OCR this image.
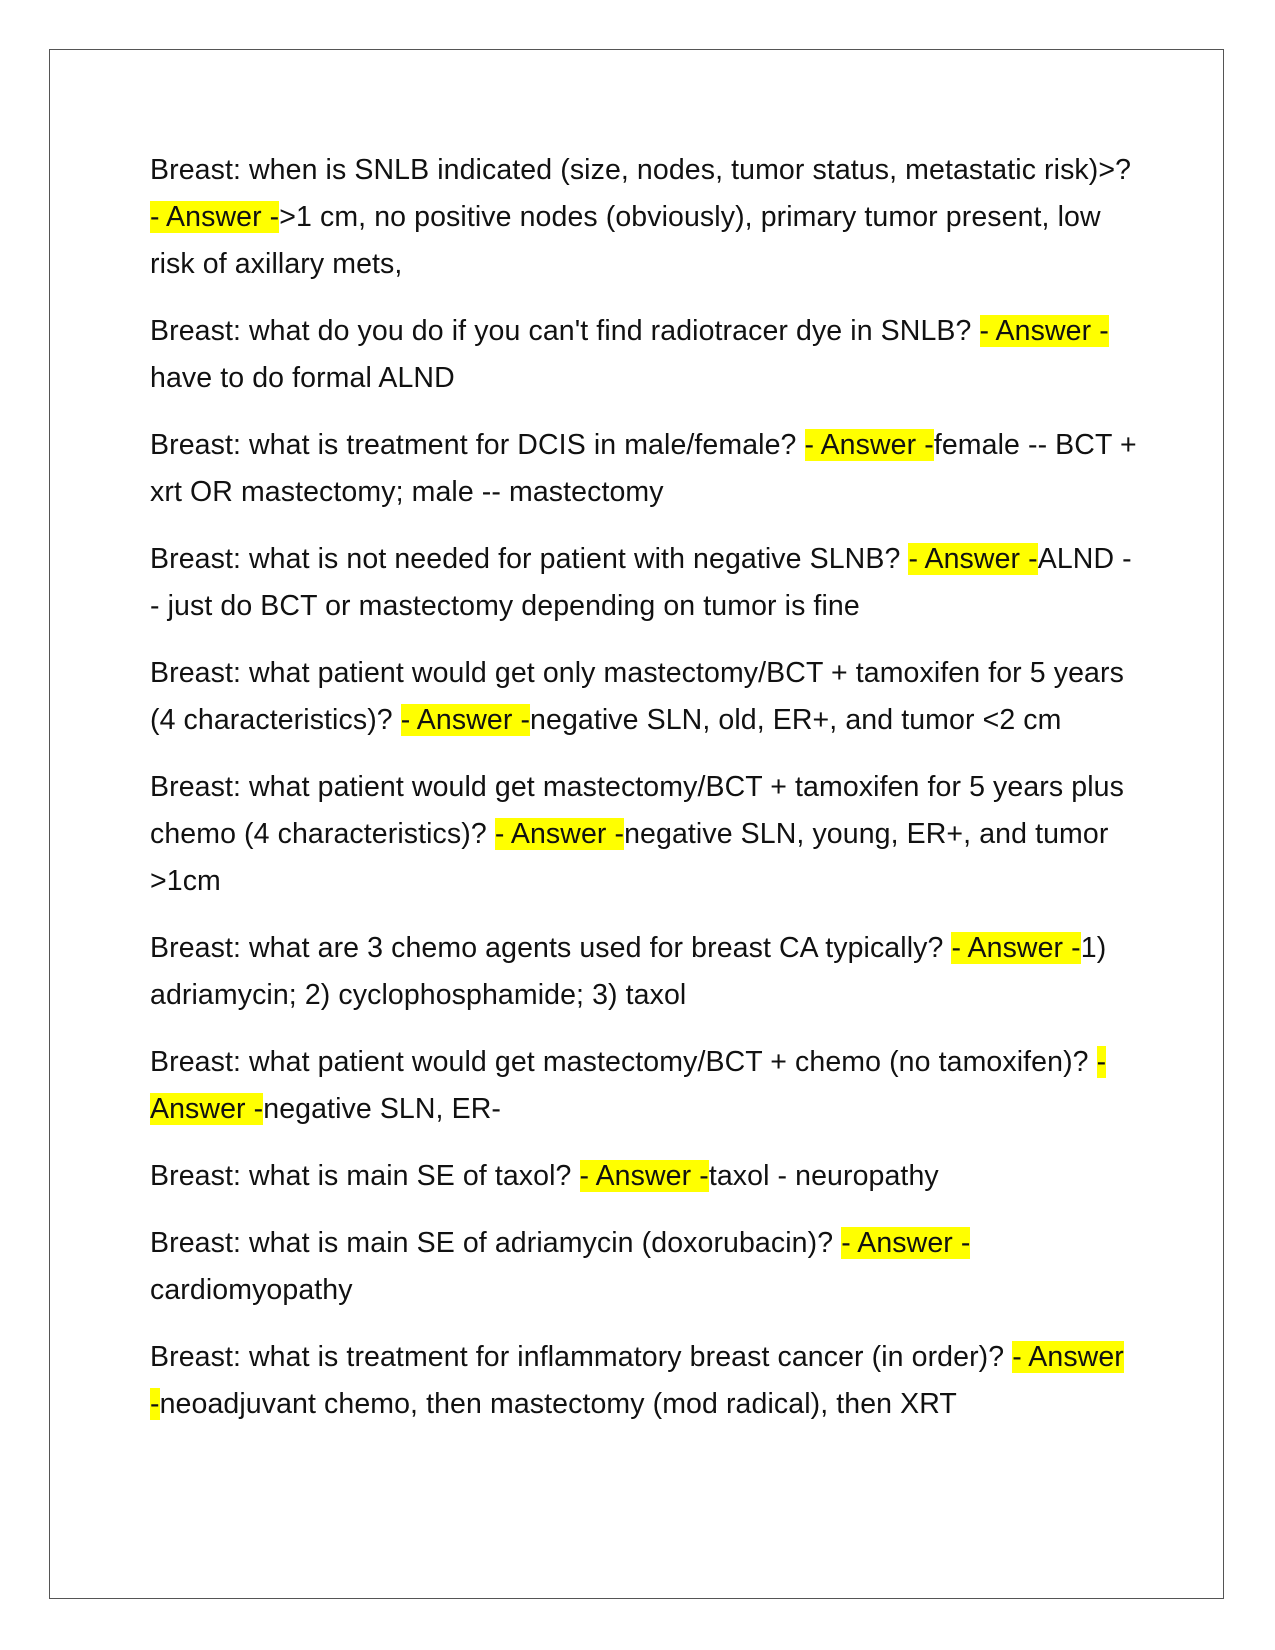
Breast: when is SNLB indicated (size, nodes, tumor status, metastatic risk)>? - Answer ->1 cm, no positive nodes (obviously), primary tumor present, low risk of axillary mets,

Breast: what do you do if you can't find radiotracer dye in SNLB? - Answer -have to do formal ALND

Breast: what is treatment for DCIS in male/female? - Answer -female -- BCT + xrt OR mastectomy; male -- mastectomy

Breast: what is not needed for patient with negative SLNB? - Answer -ALND -- just do BCT or mastectomy depending on tumor is fine

Breast: what patient would get only mastectomy/BCT + tamoxifen for 5 years (4 characteristics)? - Answer -negative SLN, old, ER+, and tumor <2 cm

Breast: what patient would get mastectomy/BCT + tamoxifen for 5 years plus chemo (4 characteristics)? - Answer -negative SLN, young, ER+, and tumor >1cm

Breast: what are 3 chemo agents used for breast CA typically? - Answer -1) adriamycin; 2) cyclophosphamide; 3) taxol

Breast: what patient would get mastectomy/BCT + chemo (no tamoxifen)? - Answer -negative SLN, ER-

Breast: what is main SE of taxol? - Answer -taxol - neuropathy

Breast: what is main SE of adriamycin (doxorubacin)? - Answer -cardiomyopathy

Breast: what is treatment for inflammatory breast cancer (in order)? - Answer -neoadjuvant chemo, then mastectomy (mod radical), then XRT
